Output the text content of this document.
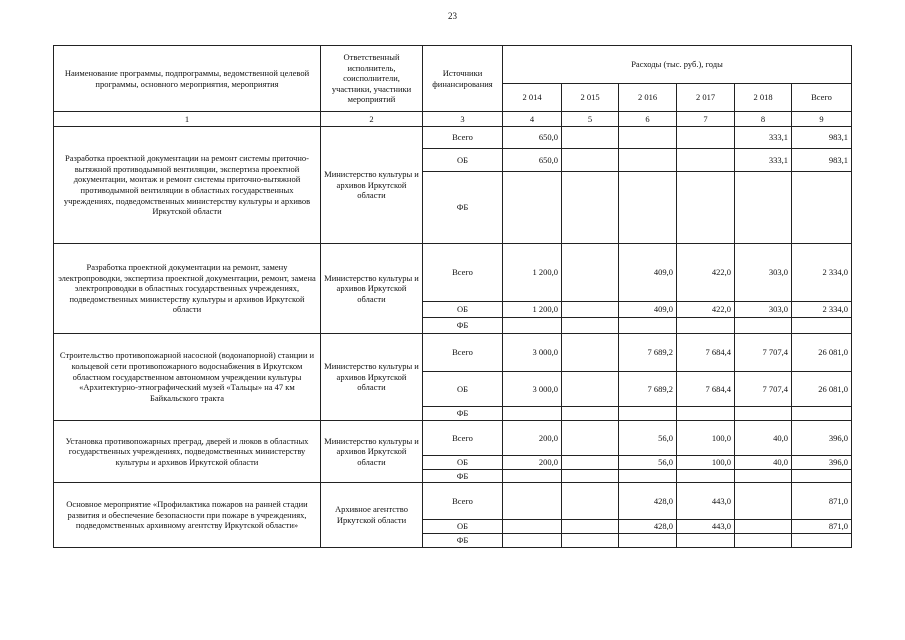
23
Наименование программы, подпрограммы, ведомственной целевой программы, основного мероприятия, мероприятия	Ответственный исполнитель, соисполнители, участники, участники мероприятий	Источники финансирования	Расходы (тыс. руб.), годы					
			2 014	2 015	2 016	2 017	2 018	Всего
1	2	3	4	5	6	7	8	9
Разработка проектной документации на ремонт системы приточно-вытяжной противодымной вентиляции, экспертиза проектной документации, монтаж и ремонт системы приточно-вытяжной противодымной вентиляции в областных государственных учреждениях, подведомственных министерству культуры и архивов Иркутской области	Министерство культуры и архивов Иркутской области	Всего	650,0				333,1	983,1
		ОБ	650,0				333,1	983,1
		ФБ						
Разработка проектной документации на ремонт, замену электропроводки, экспертиза проектной документации, ремонт, замена электропроводки в областных государственных учреждениях, подведомственных министерству культуры и архивов Иркутской области	Министерство культуры и архивов Иркутской области	Всего	1 200,0		409,0	422,0	303,0	2 334,0
		ОБ	1 200,0		409,0	422,0	303,0	2 334,0
		ФБ						
Строительство противопожарной насосной (водонапорной) станции и кольцевой сети противопожарного водоснабжения в Иркутском областном государственном автономном учреждении культуры «Архитектурно-этнографический музей «Тальцы» на 47 км Байкальского тракта	Министерство культуры и архивов Иркутской области	Всего	3 000,0		7 689,2	7 684,4	7 707,4	26 081,0
		ОБ	3 000,0		7 689,2	7 684,4	7 707,4	26 081,0
		ФБ						
Установка противопожарных преград, дверей и люков в областных государственных учреждениях, подведомственных министерству культуры и архивов Иркутской области	Министерство культуры и архивов Иркутской области	Всего	200,0		56,0	100,0	40,0	396,0
		ОБ	200,0		56,0	100,0	40,0	396,0
		ФБ						
Основное мероприятие «Профилактика пожаров на ранней стадии развития и обеспечение безопасности при пожаре в учреждениях, подведомственных архивному агентству Иркутской области»	Архивное агентство Иркутской области	Всего			428,0	443,0		871,0
		ОБ			428,0	443,0		871,0
		ФБ						
